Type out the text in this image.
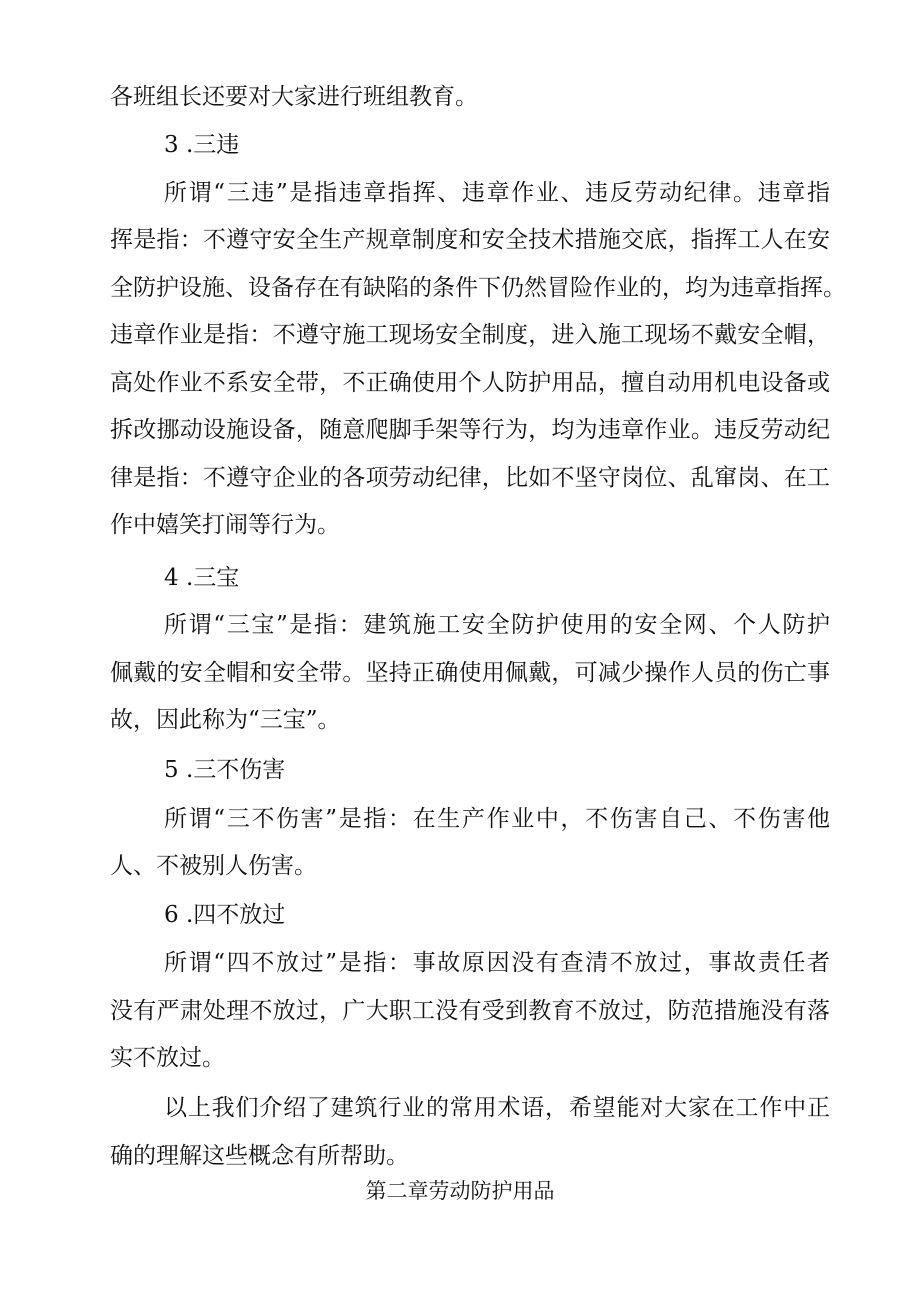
各班组长还要对大家进行班组教育。
3 .三违
所谓“三违”是指违章指挥、违章作业、违反劳动纪律。违章指
挥是指：不遵守安全生产规章制度和安全技术措施交底，指挥工人在安
全防护设施、设备存在有缺陷的条件下仍然冒险作业的，均为违章指挥。
违章作业是指：不遵守施工现场安全制度，进入施工现场不戴安全帽，
高处作业不系安全带，不正确使用个人防护用品，擅自动用机电设备或
拆改挪动设施设备，随意爬脚手架等行为，均为违章作业。违反劳动纪
律是指：不遵守企业的各项劳动纪律，比如不坚守岗位、乱窜岗、在工
作中嬉笑打闹等行为。
4 .三宝
所谓“三宝”是指：建筑施工安全防护使用的安全网、个人防护
佩戴的安全帽和安全带。坚持正确使用佩戴，可减少操作人员的伤亡事
故，因此称为“三宝”。
5 .三不伤害
所谓“三不伤害”是指：在生产作业中，不伤害自己、不伤害他
人、不被别人伤害。
6 .四不放过
所谓“四不放过”是指：事故原因没有查清不放过，事故责任者
没有严肃处理不放过，广大职工没有受到教育不放过，防范措施没有落
实不放过。
以上我们介绍了建筑行业的常用术语，希望能对大家在工作中正
确的理解这些概念有所帮助。
第二章劳动防护用品
